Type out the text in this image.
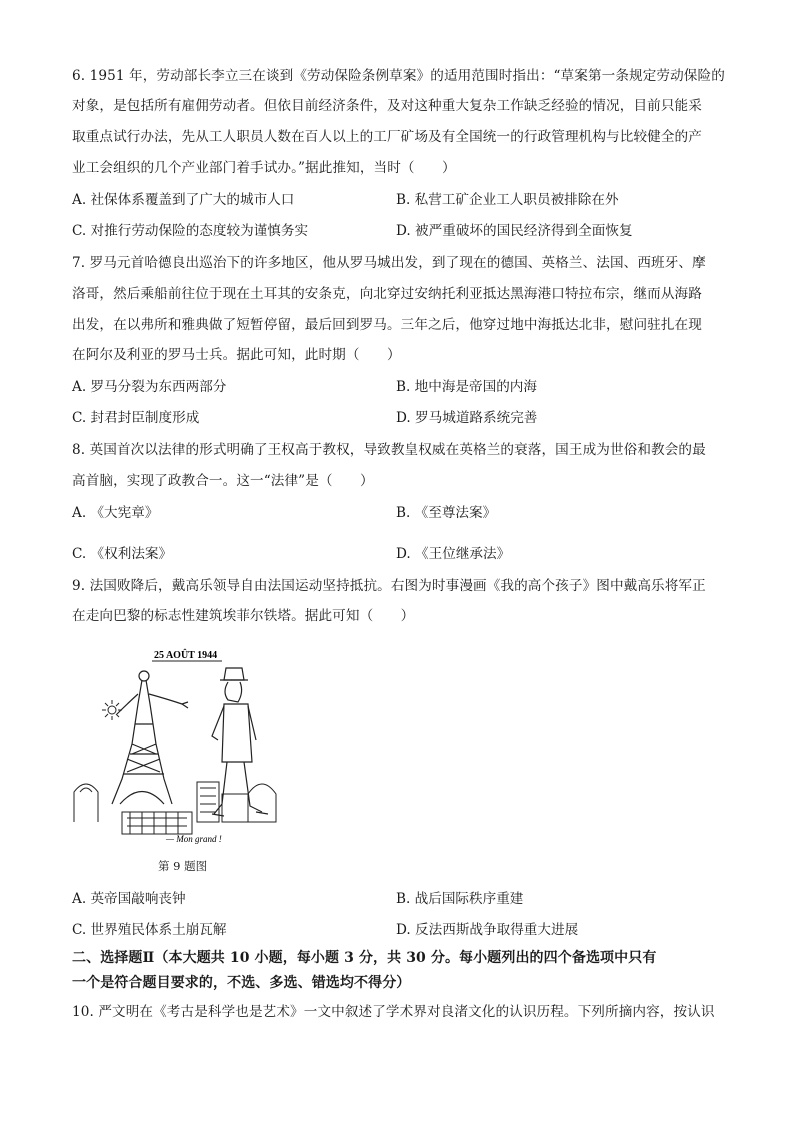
6. 1951 年，劳动部长李立三在谈到《劳动保险条例草案》的适用范围时指出：“草案第一条规定劳动保险的
对象，是包括所有雇佣劳动者。但依目前经济条件，及对这种重大复杂工作缺乏经验的情况，目前只能采
取重点试行办法，先从工人职员人数在百人以上的工厂矿场及有全国统一的行政管理机构与比较健全的产
业工会组织的几个产业部门着手试办。”据此推知，当时（　　）
A. 社保体系覆盖到了广大的城市人口	B. 私营工矿企业工人职员被排除在外
C. 对推行劳动保险的态度较为谨慎务实	D. 被严重破坏的国民经济得到全面恢复
7. 罗马元首哈德良出巡治下的许多地区，他从罗马城出发，到了现在的德国、英格兰、法国、西班牙、摩
洛哥，然后乘船前往位于现在土耳其的安条克，向北穿过安纳托利亚抵达黑海港口特拉布宗，继而从海路
出发，在以弗所和雅典做了短暂停留，最后回到罗马。三年之后，他穿过地中海抵达北非，慰问驻扎在现
在阿尔及利亚的罗马士兵。据此可知，此时期（　　）
A. 罗马分裂为东西两部分	B. 地中海是帝国的内海
C. 封君封臣制度形成	D. 罗马城道路系统完善
8. 英国首次以法律的形式明确了王权高于教权，导致教皇权威在英格兰的衰落，国王成为世俗和教会的最
高首脑，实现了政教合一。这一“法律”是（　　）
A. 《大宪章》	B. 《至尊法案》
C. 《权利法案》	D. 《王位继承法》
9. 法国败降后，戴高乐领导自由法国运动坚持抵抗。右图为时事漫画《我的高个孩子》图中戴高乐将军正
在走向巴黎的标志性建筑埃菲尔铁塔。据此可知（　　）
25 AOÛT 1944
— Mon grand !
第 9 题图
A. 英帝国敲响丧钟	B. 战后国际秩序重建
C. 世界殖民体系土崩瓦解	D. 反法西斯战争取得重大进展
二、选择题Ⅱ（本大题共 10 小题，每小题 3 分，共 30 分。每小题列出的四个备选项中只有
一个是符合题目要求的，不选、多选、错选均不得分）
10. 严文明在《考古是科学也是艺术》一文中叙述了学术界对良渚文化的认识历程。下列所摘内容，按认识
